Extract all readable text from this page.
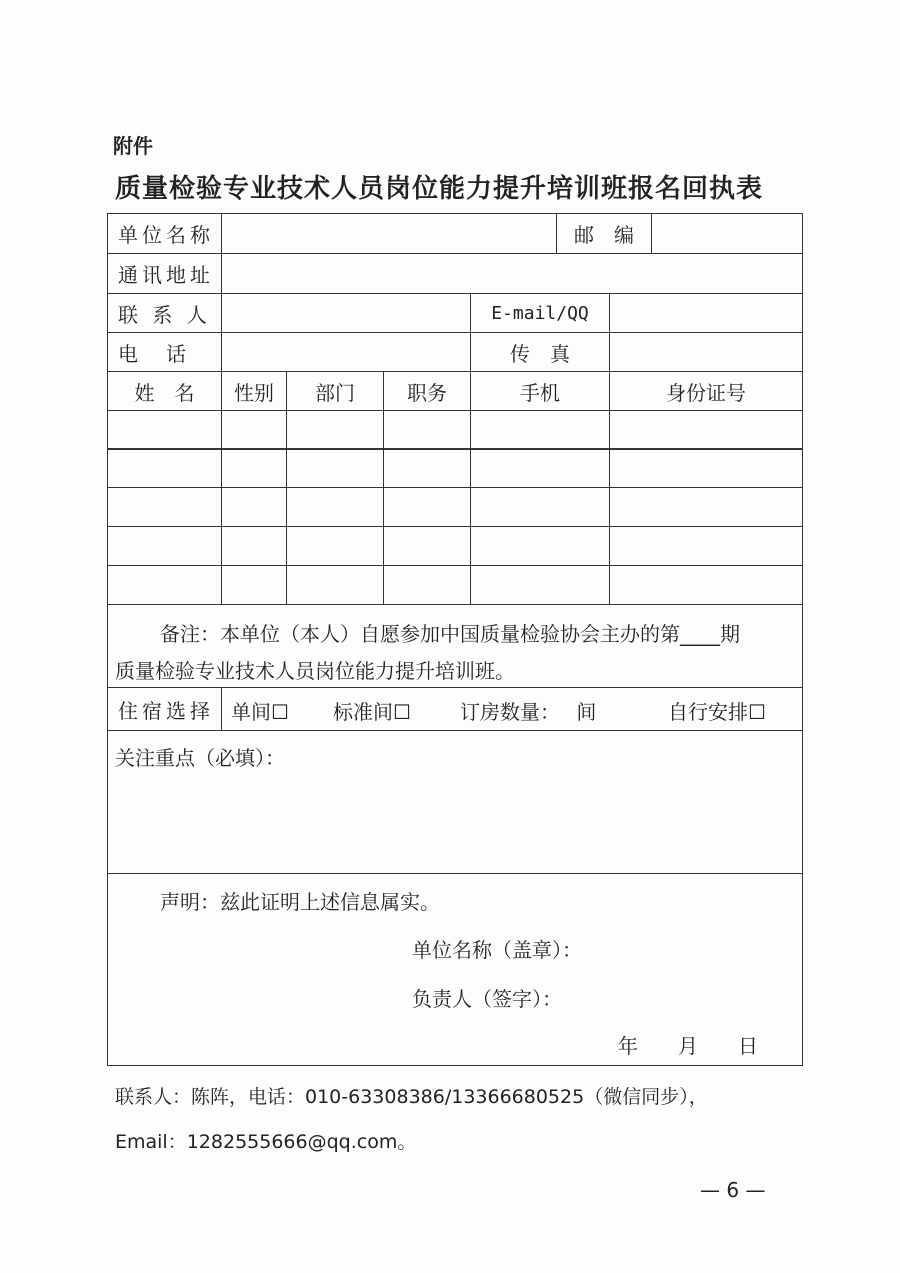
附件
质量检验专业技术人员岗位能力提升培训班报名回执表
单位名称	邮　编
通讯地址
联 系 人	E-mail/QQ
电　话	传　真
姓　名	性别	部门	职务	手机	身份证号
备注：本单位（本人）自愿参加中国质量检验协会主办的第____期
质量检验专业技术人员岗位能力提升培训班。
住宿选择 单间☐ 标准间☐ 订房数量：　 间	自行安排☐
关注重点（必填）：
声明：兹此证明上述信息属实。
单位名称（盖章）：
负责人（签字）：
年　　月　　日
联系人：陈阵，电话：010-63308386/13366680525（微信同步），
Email：1282555666@qq.com。
— 6 —
